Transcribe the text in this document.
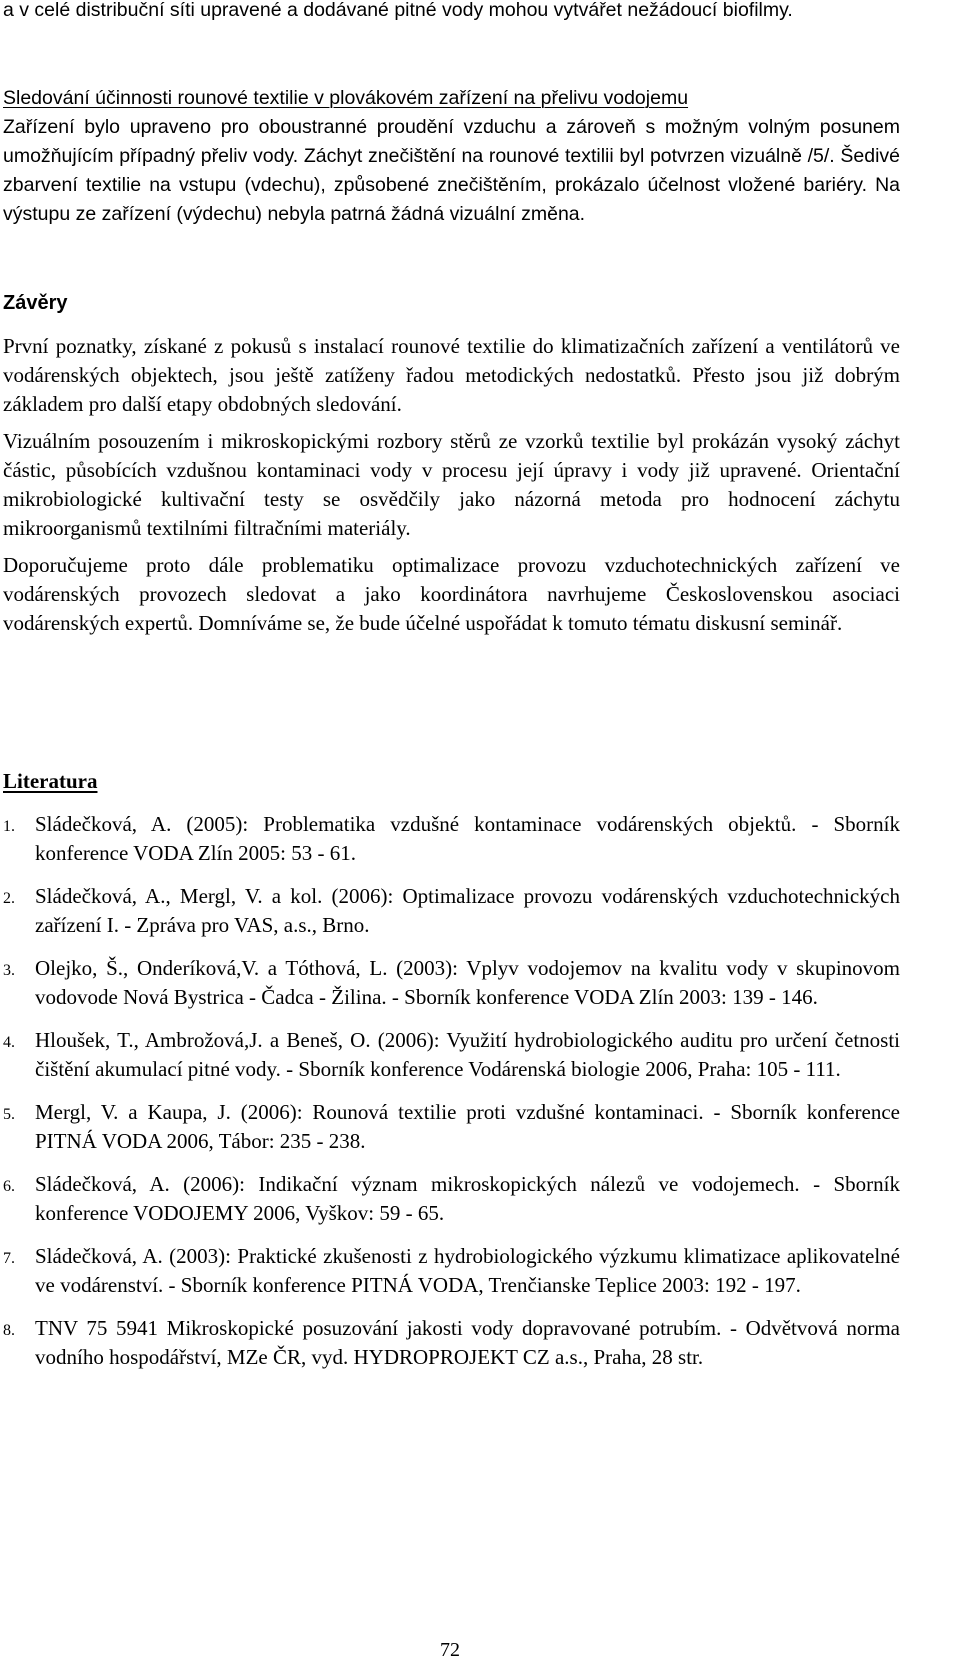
a v celé distribuční síti upravené a dodávané pitné vody mohou vytvářet nežádoucí biofilmy.

Sledování účinnosti rounové textilie v plovákovém zařízení na přelivu vodojemu

Zařízení bylo upraveno pro oboustranné proudění vzduchu a zároveň s možným volným posunem umožňujícím případný přeliv vody. Záchyt znečištění na rounové textilii byl potvrzen vizuálně /5/. Šedivé zbarvení textilie na vstupu (vdechu), způsobené znečištěním, prokázalo účelnost vložené bariéry. Na výstupu ze zařízení (výdechu) nebyla patrná žádná vizuální změna.

Závěry

První poznatky, získané z pokusů s instalací rounové textilie do klimatizačních zařízení a ventilátorů ve vodárenských objektech, jsou ještě zatíženy řadou metodických nedostatků. Přesto jsou již dobrým základem pro další etapy obdobných sledování.

Vizuálním posouzením i mikroskopickými rozbory stěrů ze vzorků textilie byl prokázán vysoký záchyt částic, působících vzdušnou kontaminaci vody v procesu její úpravy i vody již upravené. Orientační mikrobiologické kultivační testy se osvědčily jako názorná metoda pro hodnocení záchytu mikroorganismů textilními filtračními materiály.

Doporučujeme proto dále problematiku optimalizace provozu vzduchotechnických zařízení ve vodárenských provozech sledovat a jako koordinátora navrhujeme Československou asociaci vodárenských expertů. Domníváme se, že bude účelné uspořádat k tomuto tématu diskusní seminář.

Literatura

1. Sládečková, A. (2005): Problematika vzdušné kontaminace vodárenských objektů. - Sborník konference VODA Zlín 2005: 53 - 61.
2. Sládečková, A., Mergl, V. a kol. (2006): Optimalizace provozu vodárenských vzduchotechnických zařízení I. - Zpráva pro VAS, a.s., Brno.
3. Olejko, Š., Onderíková,V. a Tóthová, L. (2003): Vplyv vodojemov na kvalitu vody v skupinovom vodovode Nová Bystrica - Čadca - Žilina. - Sborník konference VODA Zlín 2003: 139 - 146.
4. Hloušek, T., Ambrožová,J. a Beneš, O. (2006): Využití hydrobiologického auditu pro určení četnosti čištění akumulací pitné vody. - Sborník konference Vodárenská biologie 2006, Praha: 105 - 111.
5. Mergl, V. a Kaupa, J. (2006): Rounová textilie proti vzdušné kontaminaci. - Sborník konference PITNÁ VODA 2006, Tábor: 235 - 238.
6. Sládečková, A. (2006): Indikační význam mikroskopických nálezů ve vodojemech. - Sborník konference VODOJEMY 2006, Vyškov: 59 - 65.
7. Sládečková, A. (2003): Praktické zkušenosti z hydrobiologického výzkumu klimatizace aplikovatelné ve vodárenství. - Sborník konference PITNÁ VODA, Trenčianske Teplice 2003: 192 - 197.
8. TNV 75 5941 Mikroskopické posuzování jakosti vody dopravované potrubím. - Odvětvová norma vodního hospodářství, MZe ČR, vyd. HYDROPROJEKT CZ a.s., Praha, 28 str.
72
